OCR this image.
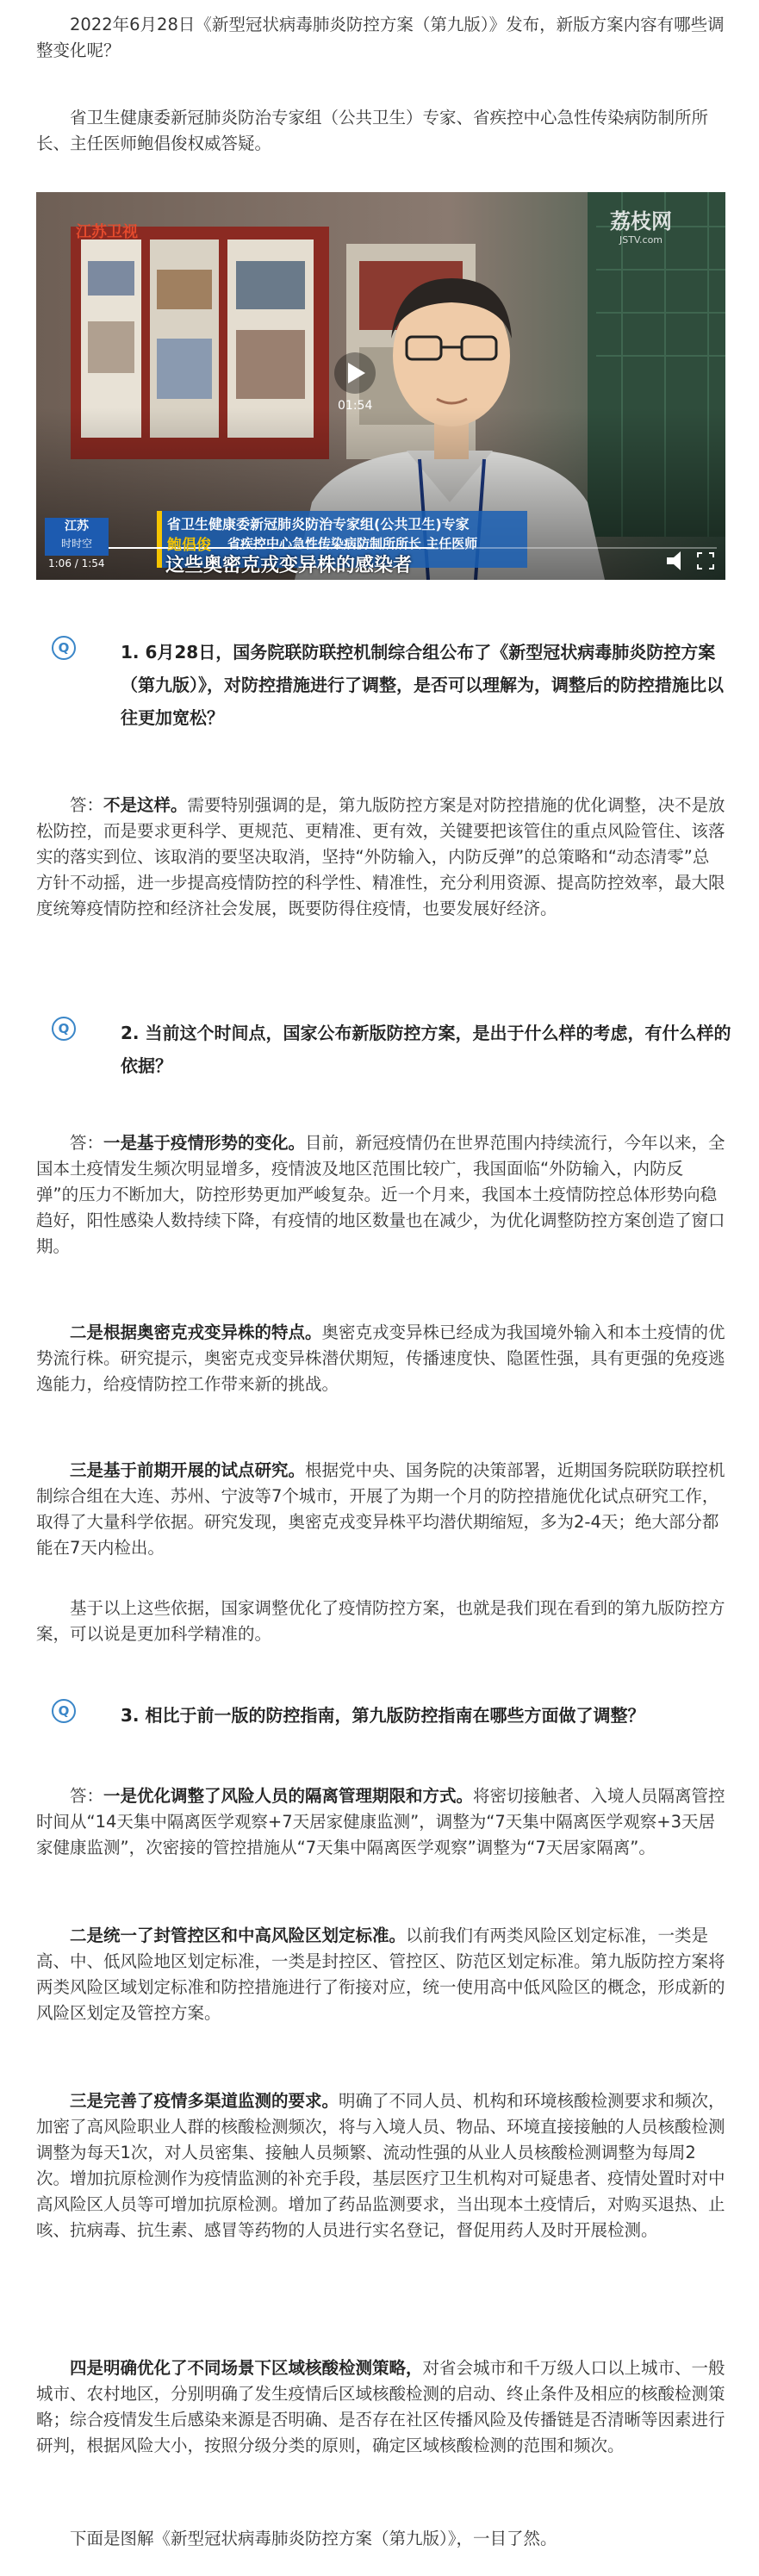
2022年6月28日《新型冠状病毒肺炎防控方案（第九版）》发布，新版方案内容有哪些调整变化呢？

省卫生健康委新冠肺炎防治专家组（公共卫生）专家、省疾控中心急性传染病防制所所长、主任医师鲍倡俊权威答疑。

江苏卫视	荔枝网
JSTV.com
01:54
省卫生健康委新冠肺炎防治专家组(公共卫生)专家
鲍倡俊 省疾控中心急性传染病防制所所长 主任医师
这些奥密克戎变异株的感染者
江苏
时时空
1:06 / 1:54
Q	1. 6月28日，国务院联防联控机制综合组公布了《新型冠状病毒肺炎防控方案（第九版）》，对防控措施进行了调整，是否可以理解为，调整后的防控措施比以往更加宽松？

答：不是这样。需要特别强调的是，第九版防控方案是对防控措施的优化调整，决不是放松防控，而是要求更科学、更规范、更精准、更有效，关键要把该管住的重点风险管住、该落实的落实到位、该取消的要坚决取消，坚持“外防输入，内防反弹”的总策略和“动态清零”总方针不动摇，进一步提高疫情防控的科学性、精准性，充分利用资源、提高防控效率，最大限度统筹疫情防控和经济社会发展，既要防得住疫情，也要发展好经济。

Q	2. 当前这个时间点，国家公布新版防控方案，是出于什么样的考虑，有什么样的依据？

答：一是基于疫情形势的变化。目前，新冠疫情仍在世界范围内持续流行，今年以来，全国本土疫情发生频次明显增多，疫情波及地区范围比较广，我国面临“外防输入，内防反弹”的压力不断加大，防控形势更加严峻复杂。近一个月来，我国本土疫情防控总体形势向稳趋好，阳性感染人数持续下降，有疫情的地区数量也在减少，为优化调整防控方案创造了窗口期。

二是根据奥密克戎变异株的特点。奥密克戎变异株已经成为我国境外输入和本土疫情的优势流行株。研究提示，奥密克戎变异株潜伏期短，传播速度快、隐匿性强，具有更强的免疫逃逸能力，给疫情防控工作带来新的挑战。

三是基于前期开展的试点研究。根据党中央、国务院的决策部署，近期国务院联防联控机制综合组在大连、苏州、宁波等7个城市，开展了为期一个月的防控措施优化试点研究工作，取得了大量科学依据。研究发现，奥密克戎变异株平均潜伏期缩短，多为2-4天；绝大部分都能在7天内检出。

基于以上这些依据，国家调整优化了疫情防控方案，也就是我们现在看到的第九版防控方案，可以说是更加科学精准的。

Q	3. 相比于前一版的防控指南，第九版防控指南在哪些方面做了调整？

答：一是优化调整了风险人员的隔离管理期限和方式。将密切接触者、入境人员隔离管控时间从“14天集中隔离医学观察+7天居家健康监测”，调整为“7天集中隔离医学观察+3天居家健康监测”，次密接的管控措施从“7天集中隔离医学观察”调整为“7天居家隔离”。

二是统一了封管控区和中高风险区划定标准。以前我们有两类风险区划定标准，一类是高、中、低风险地区划定标准，一类是封控区、管控区、防范区划定标准。第九版防控方案将两类风险区域划定标准和防控措施进行了衔接对应，统一使用高中低风险区的概念，形成新的风险区划定及管控方案。

三是完善了疫情多渠道监测的要求。明确了不同人员、机构和环境核酸检测要求和频次，加密了高风险职业人群的核酸检测频次，将与入境人员、物品、环境直接接触的人员核酸检测调整为每天1次，对人员密集、接触人员频繁、流动性强的从业人员核酸检测调整为每周2次。增加抗原检测作为疫情监测的补充手段，基层医疗卫生机构对可疑患者、疫情处置时对中高风险区人员等可增加抗原检测。增加了药品监测要求，当出现本土疫情后，对购买退热、止咳、抗病毒、抗生素、感冒等药物的人员进行实名登记，督促用药人及时开展检测。

四是明确优化了不同场景下区域核酸检测策略，对省会城市和千万级人口以上城市、一般城市、农村地区，分别明确了发生疫情后区域核酸检测的启动、终止条件及相应的核酸检测策略；综合疫情发生后感染来源是否明确、是否存在社区传播风险及传播链是否清晰等因素进行研判，根据风险大小，按照分级分类的原则，确定区域核酸检测的范围和频次。

下面是图解《新型冠状病毒肺炎防控方案（第九版）》，一目了然。
